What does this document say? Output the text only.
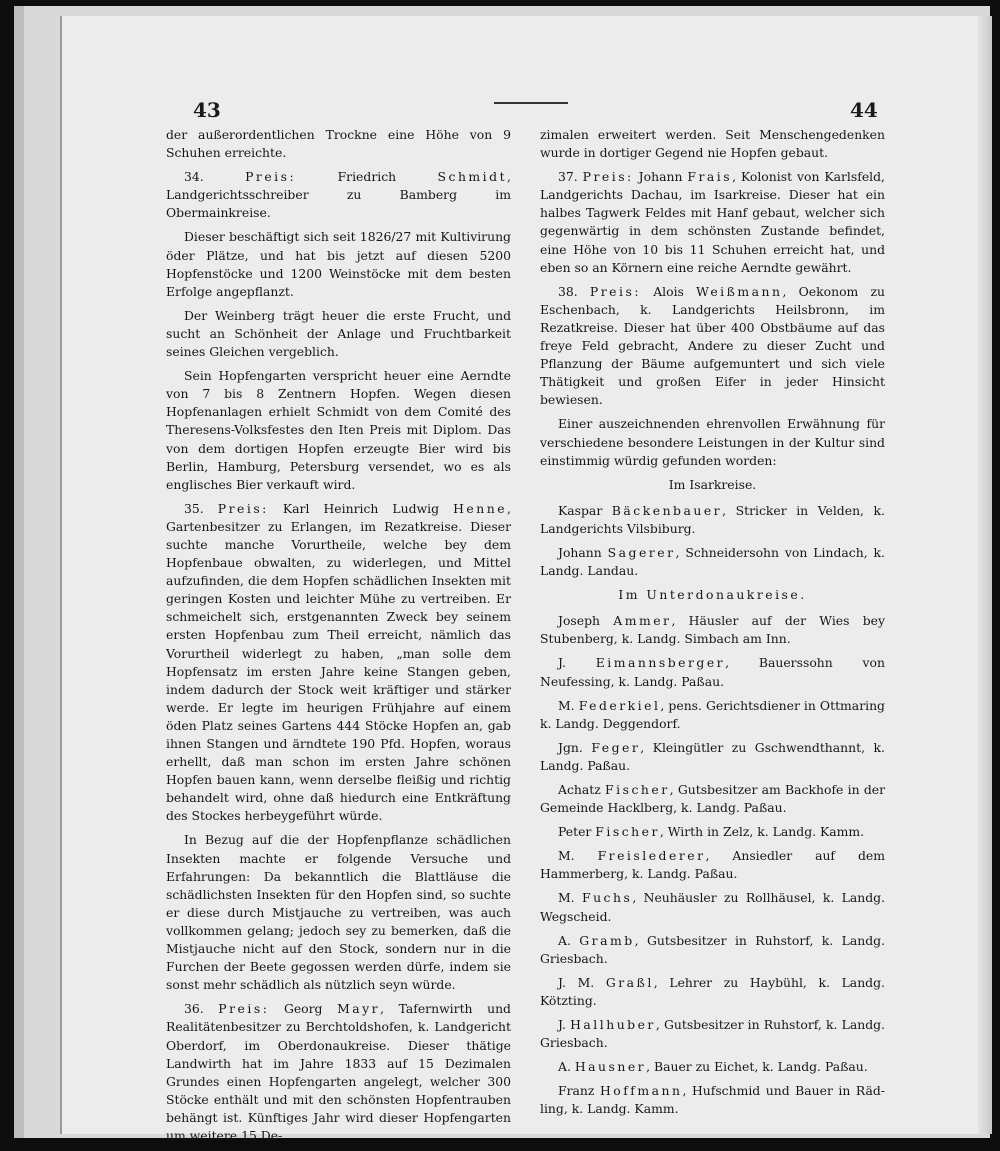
43	44

der außerordentlichen Trockne eine Höhe von 9 Schuhen erreichte.

34. Preis: Friedrich Schmidt, Landgerichtsschreiber zu Bamberg im Obermainkreise.

Dieser beschäftigt sich seit 1826/27 mit Kultivirung öder Plätze, und hat bis jetzt auf diesen 5200 Hopfenstöcke und 1200 Weinstöcke mit dem besten Erfolge angepflanzt.

Der Weinberg trägt heuer die erste Frucht, und sucht an Schönheit der Anlage und Fruchtbarkeit seines Gleichen vergeblich.

Sein Hopfengarten verspricht heuer eine Aerndte von 7 bis 8 Zentnern Hopfen. Wegen diesen Hopfenanlagen erhielt Schmidt von dem Comité des Theresens-Volksfestes den Iten Preis mit Diplom. Das von dem dortigen Hopfen erzeugte Bier wird bis Berlin, Hamburg, Petersburg versendet, wo es als englisches Bier verkauft wird.

35. Preis: Karl Heinrich Ludwig Henne, Gartenbesitzer zu Erlangen, im Rezatkreise. Dieser suchte manche Vorurtheile, welche bey dem Hopfenbaue obwalten, zu widerlegen, und Mittel aufzufinden, die dem Hopfen schädlichen Insekten mit geringen Kosten und leichter Mühe zu vertreiben. Er schmeichelt sich, erstgenannten Zweck bey seinem ersten Hopfenbau zum Theil erreicht, nämlich das Vorurtheil widerlegt zu haben, „man solle dem Hopfensatz im ersten Jahre keine Stangen geben, indem dadurch der Stock weit kräftiger und stärker werde. Er legte im heurigen Frühjahre auf einem öden Platz seines Gartens 444 Stöcke Hopfen an, gab ihnen Stangen und ärndtete 190 Pfd. Hopfen, woraus erhellt, daß man schon im ersten Jahre schönen Hopfen bauen kann, wenn derselbe fleißig und richtig behandelt wird, ohne daß hiedurch eine Entkräftung des Stockes herbeygeführt würde.

In Bezug auf die der Hopfenpflanze schädlichen Insekten machte er folgende Versuche und Erfahrungen: Da bekanntlich die Blattläuse die schädlichsten Insekten für den Hopfen sind, so suchte er diese durch Mistjauche zu vertreiben, was auch vollkommen gelang; jedoch sey zu bemerken, daß die Mistjauche nicht auf den Stock, sondern nur in die Furchen der Beete gegossen werden dürfe, indem sie sonst mehr schädlich als nützlich seyn würde.

36. Preis: Georg Mayr, Tafernwirth und Realitätenbesitzer zu Berchtoldshofen, k. Landgericht Oberdorf, im Oberdonaukreise. Dieser thätige Landwirth hat im Jahre 1833 auf 15 Dezimalen Grundes einen Hopfengarten angelegt, welcher 300 Stöcke enthält und mit den schönsten Hopfentrauben behängt ist. Künftiges Jahr wird dieser Hopfengarten um weitere 15 De-

zimalen erweitert werden. Seit Menschengedenken wurde in dortiger Gegend nie Hopfen gebaut.

37. Preis: Johann Frais, Kolonist von Karlsfeld, Landgerichts Dachau, im Isarkreise. Dieser hat ein halbes Tagwerk Feldes mit Hanf gebaut, welcher sich gegenwärtig in dem schönsten Zustande befindet, eine Höhe von 10 bis 11 Schuhen erreicht hat, und eben so an Körnern eine reiche Aerndte gewährt.

38. Preis: Alois Weißmann, Oekonom zu Eschenbach, k. Landgerichts Heilsbronn, im Rezatkreise. Dieser hat über 400 Obstbäume auf das freye Feld gebracht, Andere zu dieser Zucht und Pflanzung der Bäume aufgemuntert und sich viele Thätigkeit und großen Eifer in jeder Hinsicht bewiesen.

Einer auszeichnenden ehrenvollen Erwähnung für verschiedene besondere Leistungen in der Kultur sind einstimmig würdig gefunden worden:

Im Isarkreise.

Kaspar Bäckenbauer, Stricker in Velden, k. Landgerichts Vilsbiburg.

Johann Sagerer, Schneidersohn von Lindach, k. Landg. Landau.

Im Unterdonaukreise.

Joseph Ammer, Häusler auf der Wies bey Stubenberg, k. Landg. Simbach am Inn.

J. Eimannsberger, Bauerssohn von Neufessing, k. Landg. Paßau.

M. Federkiel, pens. Gerichtsdiener in Ottmaring k. Landg. Deggendorf.

Jgn. Feger, Kleingütler zu Gschwendthannt, k. Landg. Paßau.

Achatz Fischer, Gutsbesitzer am Backhofe in der Gemeinde Hacklberg, k. Landg. Paßau.

Peter Fischer, Wirth in Zelz, k. Landg. Kamm.

M. Freislederer, Ansiedler auf dem Hammerberg, k. Landg. Paßau.

M. Fuchs, Neuhäusler zu Rollhäusel, k. Landg. Wegscheid.

A. Gramb, Gutsbesitzer in Ruhstorf, k. Landg. Griesbach.

J. M. Graßl, Lehrer zu Haybühl, k. Landg. Kötzting.

J. Hallhuber, Gutsbesitzer in Ruhstorf, k. Landg. Griesbach.

A. Hausner, Bauer zu Eichet, k. Landg. Paßau.

Franz Hoffmann, Hufschmid und Bauer in Räd-ling, k. Landg. Kamm.
